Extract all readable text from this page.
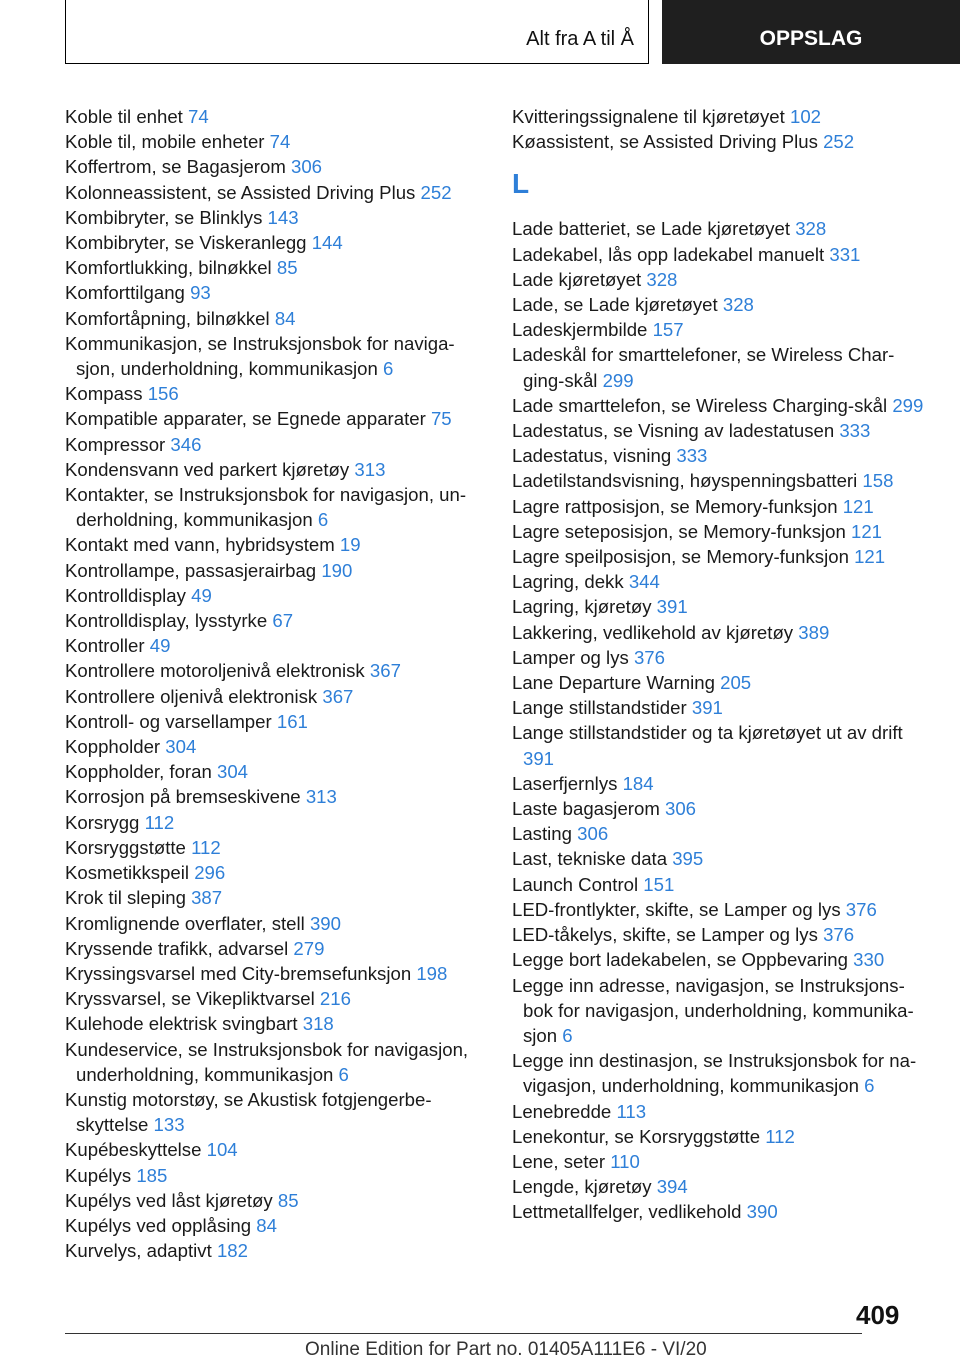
Alt fra A til Å	OPPSLAG
Koble til enhet 74
Koble til, mobile enheter 74
Koffertrom, se Bagasjerom 306
Kolonneassistent, se Assisted Driving Plus 252
Kombibryter, se Blinklys 143
Kombibryter, se Viskeranlegg 144
Komfortlukking, bilnøkkel 85
Komforttilgang 93
Komfortåpning, bilnøkkel 84
Kommunikasjon, se Instruksjonsbok for naviga-sjon, underholdning, kommunikasjon 6
Kompass 156
Kompatible apparater, se Egnede apparater 75
Kompressor 346
Kondensvann ved parkert kjøretøy 313
Kontakter, se Instruksjonsbok for navigasjon, un-derholdning, kommunikasjon 6
Kontakt med vann, hybridsystem 19
Kontrollampe, passasjerairbag 190
Kontrolldisplay 49
Kontrolldisplay, lysstyrke 67
Kontroller 49
Kontrollere motoroljenivå elektronisk 367
Kontrollere oljenivå elektronisk 367
Kontroll- og varsellamper 161
Koppholder 304
Koppholder, foran 304
Korrosjon på bremseskivene 313
Korsrygg 112
Korsryggstøtte 112
Kosmetikkspeil 296
Krok til sleping 387
Kromlignende overflater, stell 390
Kryssende trafikk, advarsel 279
Kryssingsvarsel med City-bremsefunksjon 198
Kryssvarsel, se Vikepliktvarsel 216
Kulehode elektrisk svingbart 318
Kundeservice, se Instruksjonsbok for navigasjon, underholdning, kommunikasjon 6
Kunstig motorstøy, se Akustisk fotgjengerbe-skyttelse 133
Kupébeskyttelse 104
Kupélys 185
Kupélys ved låst kjøretøy 85
Kupélys ved opplåsing 84
Kurvelys, adaptivt 182
Kvitteringssignalene til kjøretøyet 102
Køassistent, se Assisted Driving Plus 252
L
Lade batteriet, se Lade kjøretøyet 328
Ladekabel, lås opp ladekabel manuelt 331
Lade kjøretøyet 328
Lade, se Lade kjøretøyet 328
Ladeskjermbilde 157
Ladeskål for smarttelefoner, se Wireless Char-ging-skål 299
Lade smarttelefon, se Wireless Charging-skål 299
Ladestatus, se Visning av ladestatusen 333
Ladestatus, visning 333
Ladetilstandsvisning, høyspenningsbatteri 158
Lagre rattposisjon, se Memory-funksjon 121
Lagre seteposisjon, se Memory-funksjon 121
Lagre speilposisjon, se Memory-funksjon 121
Lagring, dekk 344
Lagring, kjøretøy 391
Lakkering, vedlikehold av kjøretøy 389
Lamper og lys 376
Lane Departure Warning 205
Lange stillstandstider 391
Lange stillstandstider og ta kjøretøyet ut av drift 391
Laserfjernlys 184
Laste bagasjerom 306
Lasting 306
Last, tekniske data 395
Launch Control 151
LED-frontlykter, skifte, se Lamper og lys 376
LED-tåkelys, skifte, se Lamper og lys 376
Legge bort ladekabelen, se Oppbevaring 330
Legge inn adresse, navigasjon, se Instruksjons-bok for navigasjon, underholdning, kommunika-sjon 6
Legge inn destinasjon, se Instruksjonsbok for na-vigasjon, underholdning, kommunikasjon 6
Lenebredde 113
Lenekontur, se Korsryggstøtte 112
Lene, seter 110
Lengde, kjøretøy 394
Lettmetallfelger, vedlikehold 390
409
Online Edition for Part no. 01405A111E6 - VI/20
